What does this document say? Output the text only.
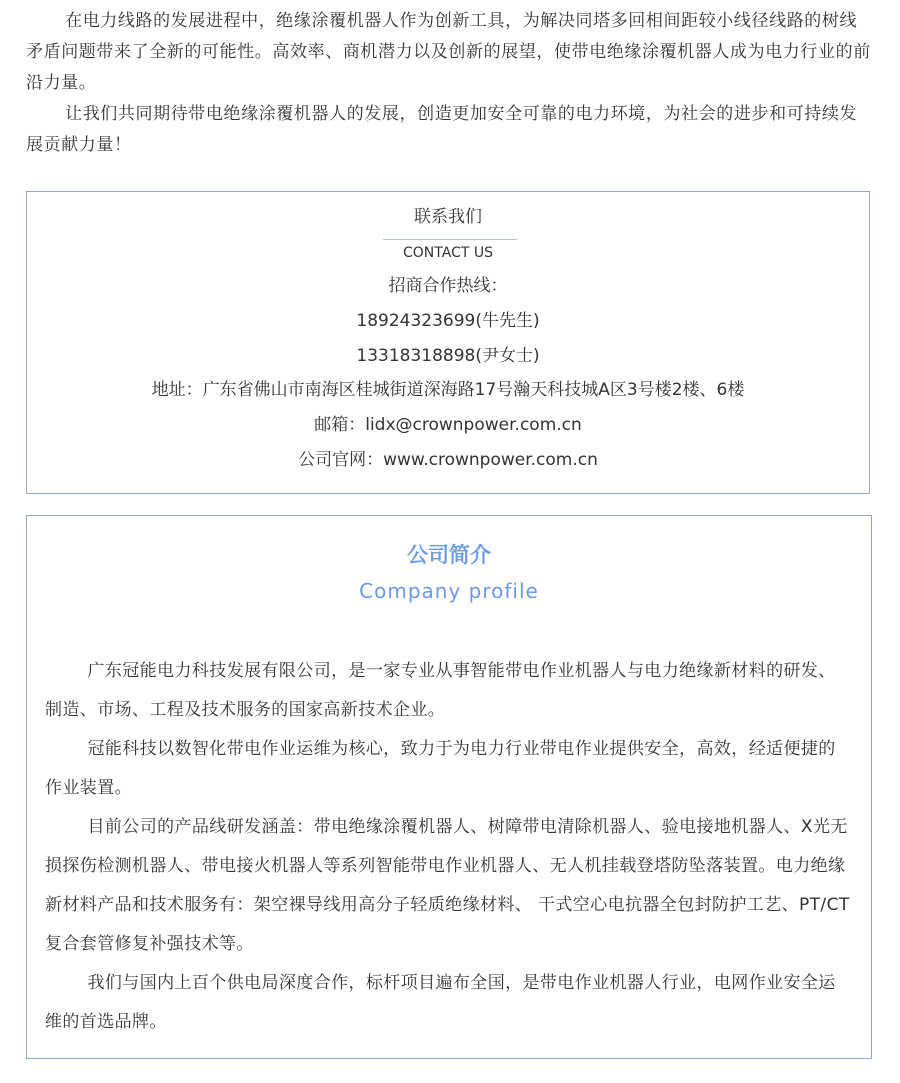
在电力线路的发展进程中，绝缘涂覆机器人作为创新工具，为解决同塔多回相间距较小线径线路的树线矛盾问题带来了全新的可能性。高效率、商机潜力以及创新的展望，使带电绝缘涂覆机器人成为电力行业的前沿力量。

让我们共同期待带电绝缘涂覆机器人的发展，创造更加安全可靠的电力环境，为社会的进步和可持续发展贡献力量！

联系我们
CONTACT US
招商合作热线：
18924323699(牛先生)
13318318898(尹女士)
地址：广东省佛山市南海区桂城街道深海路17号瀚天科技城A区3号楼2楼、6楼
邮箱：lidx@crownpower.com.cn
公司官网：www.crownpower.com.cn
公司简介
Company profile

广东冠能电力科技发展有限公司，是一家专业从事智能带电作业机器人与电力绝缘新材料的研发、制造、市场、工程及技术服务的国家高新技术企业。

冠能科技以数智化带电作业运维为核心，致力于为电力行业带电作业提供安全，高效，经适便捷的作业装置。

目前公司的产品线研发涵盖：带电绝缘涂覆机器人、树障带电清除机器人、验电接地机器人、X光无损探伤检测机器人、带电接火机器人等系列智能带电作业机器人、无人机挂载登塔防坠落装置。电力绝缘新材料产品和技术服务有：架空裸导线用高分子轻质绝缘材料、 干式空心电抗器全包封防护工艺、PT/CT复合套管修复补强技术等。

我们与国内上百个供电局深度合作，标杆项目遍布全国，是带电作业机器人行业，电网作业安全运维的首选品牌。
